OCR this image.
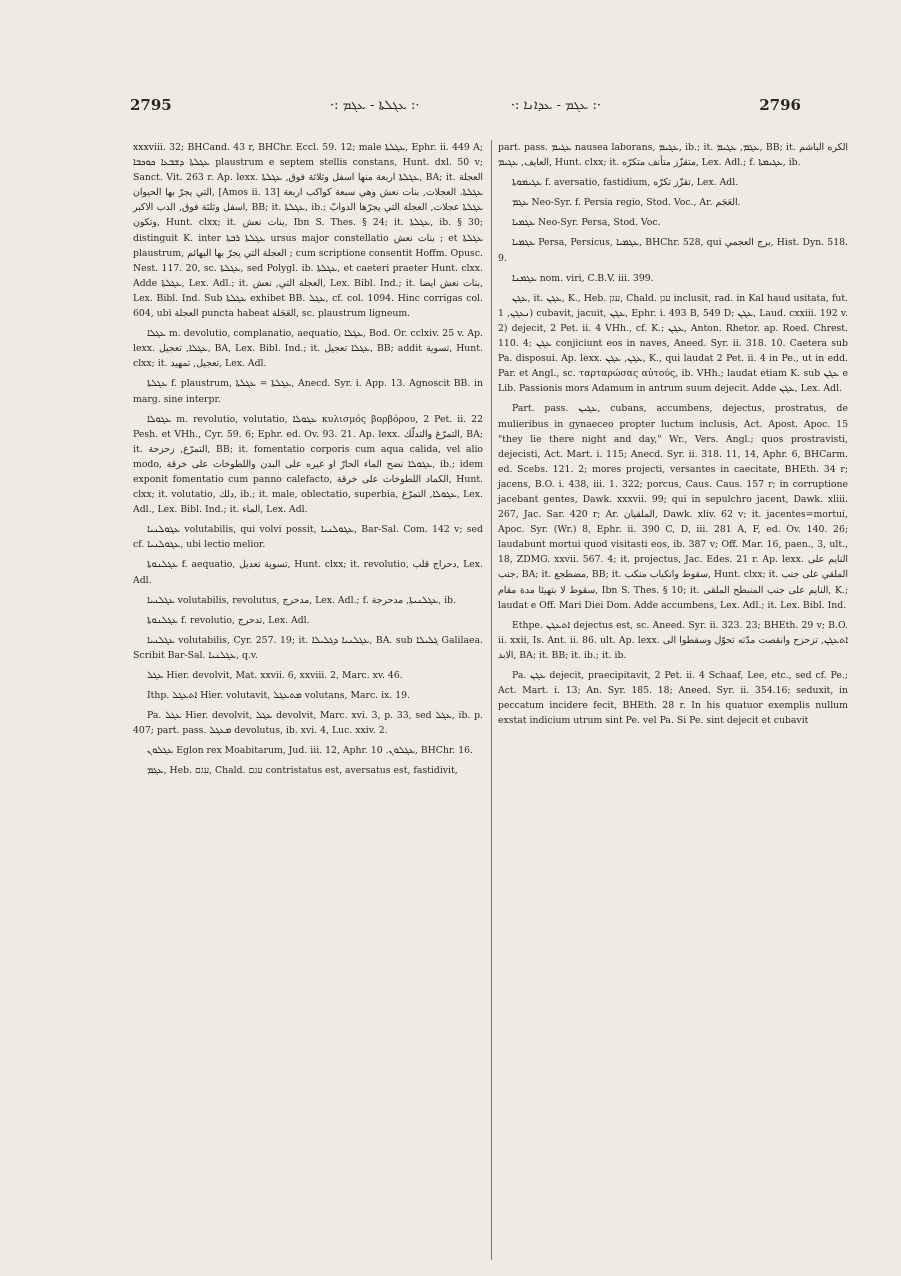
2795	·: ܥܓܠܬܐ - ܥܓܡ :·	·: ܥܓܡ - ܥܕܐܢܐ :·	2796

xxxviii. 32; BHCand. 43 r, BHChr. Eccl. 59. 12; male ܥܓܠܬܐ, Ephr. ii. 449 A; ܥܓܠܬܐ ܕܫܒܥܐ ܟܘܟܒܐ plaustrum e septem stellis constans, Hunt. dxl. 50 v; Sanct. Vit. 263 r. Ap. lexx. ܥܓܠܬܐ اربعة منها اسفل وثلاثة فوق, ܥܓܠܬܐ, BA; it. العجلة التي يجرّ بها الحيوان, [Amos ii. 13] ܥܓܠܬܐ. العجلات, بنات نعش وهي سبعة كواكب اربعة اسفل وثلثة فوق, الدب الاكبر, BB; it. ܥܓܠܬܐ, ib.; ܥܓܠܬܐ عجلات, العجلة التي يجرّها الدوابّ وتكون, Hunt. clxx; it. بنات نعش, Ibn S. Thes. § 24; it. ܥܓܠܬܐ, ib. § 30; distinguit K. inter ܥܓܠܬܐ ܪܒܬܐ ursus major constellatio بنات نعش ; et ܥܓܠܬܐ plaustrum, العجلة التي يجرّ بها البهائم ; cum scriptione consentit Hoffm. Opusc. Nest. 117. 20, sc. ܥܓܠܬܐ, sed Polygl. ib. ܥܓܠܬܐ, et caeteri praeter Hunt. clxx. Adde ܥܓܠܬܐ, Lex. Adl.; it. العجلة التي, نعش, Lex. Bibl. Ind.; it. بنات نعش ايضا, Lex. Bibl. Ind. Sub ܥܓܠܬܐ exhibet BB. ܥܓܠ, cf. col. 1094. Hinc corrigas col. 604, ubi العجلة puncta habeat العَجَلة, sc. plaustrum ligneum.

ܥܓܠܐ m. devolutio, complanatio, aequatio, ܥܓܠܐ, Bod. Or. cclxiv. 25 v. Ap. lexx. ܥܓܠܐ, تعجيل, BA, Lex. Bibl. Ind.; it. ܥܓܠܐ تعجيل, BB; addit تسوية, Hunt. clxx; it. تعجيل, تمهيد, Lex. Adl.

ܥܓܠܬܐ f. plaustrum, ܥܓܠܬܐ = ܥܓܠܬܐ, Anecd. Syr. i. App. 13. Agnoscit BB. in marg. sine interpr.

ܥܓܘܠܐ m. revolutio, volutatio, ܥܓܘܠܐ κυλισμός βορβόρου, 2 Pet. ii. 22 Pesh. et VHh., Cyr. 59. 6; Ephr. ed. Ov. 93. 21. Ap. lexx. التمرّغ والتدلّك, BA; it. التمرّغ, زحزحة, BB; it. fomentatio corporis cum aqua calida, vel alio modo, ܥܓܘܠܐ نضح الماء الحارّ او غيره على البدن واللطوخات على خرقة, ib.; idem exponit fomentatio cum panno calefacto, الكماد اللطوخات على خرقة, Hunt. clxx; it. volutatio, دلك, ib.; it. male, oblectatio, superbia, ܥܓܘܠܐ, التمرّغ, Lex. Adl., Lex. Bibl. Ind.; it. الماء, Lex. Adl.

ܥܓܘܠܢܝܐ volutabilis, qui volvi possit, ܥܓܘܠܢܝܐ, Bar-Sal. Com. 142 v; sed cf. ܥܓܘܠܢܝܐ, ubi lectio melior.

ܥܓܠܢܘܬܐ f. aequatio, تسوية تعديل, Hunt. clxx; it. revolutio, دحراج قلب, Lex. Adl.

ܥܓܠܢܝܐ volutabilis, revolutus, مدحرج, Lex. Adl.; f. ܥܓܠܢܝܬܐ, مدحرجة, ib.

ܥܓܠܢܘܬܐ f. revolutio, تدحرج, Lex. Adl.

ܥܓܠܢܝܐ volutabilis, Cyr. 257. 19; it. ܥܓܠܢܝܐ ܕܓܠܝܠܐ, BA. sub ܓܠܝܠܐ Galilaea. Scribit Bar-Sal. ܥܓܠܢܝܐ, q.v.

ܥܓܠ Hier. devolvit, Mat. xxvii. 6, xxviii. 2, Marc. xv. 46.

Ithp. ܐܬܥܓܠ Hier. volutavit, ܡܬܥܓܠ volutans, Marc. ix. 19.

Pa. ܥܓܠ Hier. devolvit, ܥܓܠ devolvit, Marc. xvi. 3, p. 33, sed ܥܓܠ, ib. p. 407; part. pass. ܡܥܓܠ devolutus, ib. xvi. 4, Luc. xxiv. 2.

ܥܓܠܘܢ Eglon rex Moabitarum, Jud. iii. 12, Aphr. ܥܓܠܘܢ. 10, BHChr. 16.

ܥܓܡ, Heb. עגם, Chald. עגם contristatus est, aversatus est, fastidivit,

part. pass. ܥܓܝܡ nausea laborans, ܥܓܝܡ, ib.; it. ܥܓܡ, ܥܓܝܡ, BB; it. الكره الباشم العايف, ܥܓܝܡ, Hunt. clxx; it. متقزّز متأنف متكرّه, Lex. Adl.; f. ܥܓܝܡܬܐ, ib.

ܥܓܝܡܘܬܐ f. aversatio, fastidium, تقزّز تكرّه, Lex. Adl.

ܥܓܡ Neo-Syr. f. Persia regio, Stod. Voc., Ar. العَجَم.

ܥܓܡܝܐ Neo-Syr. Persa, Stod. Voc.

ܥܓܡܝܐ Persa, Persicus, ܥܓܡܝܐ, BHChr. 528, qui برج العجمي, Hist. Dyn. 518. 9.

ܥܓܡܢܐ nom. viri, C.B.V. iii. 399.

ܥܓܢ, it. ܥܓܢ, K., Heb. עגן, Chald. עגן inclusit, rad. in Kal haud usitata, fut. ܢܥܓܢ, 1) cubavit, jacuit, ܥܓܢ, Ephr. i. 493 B, 549 D; ܥܓܢ, Laud. cxxiii. 192 v. 2) dejecit, 2 Pet. ii. 4 VHh., cf. K.; ܥܓܢ, Anton. Rhetor. ap. Roed. Chrest. 110. 4; ܥܓܢ conjiciunt eos in naves, Aneed. Syr. ii. 318. 10. Caetera sub Pa. disposui. Ap. lexx. ܥܓܢ, ܥܓܢ, K., qui laudat 2 Pet. ii. 4 in Pe., ut in edd. Par. et Angl., sc. ταρταρώσας αὐτούς, ib. VHh.; laudat etiam K. sub ܥܓܢ e Lib. Passionis mors Adamum in antrum suum dejecit. Adde ܥܓܢ, Lex. Adl.

Part. pass. ܥܓܝܢ, cubans, accumbens, dejectus, prostratus, de mulieribus in gynaeceo propter luctum inclusis, Act. Apost. Apoc. 15 "they lie there night and day," Wr., Vers. Angl.; quos prostravisti, dejecisti, Act. Mart. i. 115; Anecd. Syr. ii. 318. 11, 14, Aphr. 6, BHCarm. ed. Scebs. 121. 2; mores projecti, versantes in caecitate, BHEth. 34 r; jacens, B.O. i. 438, iii. 1. 322; porcus, Caus. Caus. 157 r; in corruptione jacebant gentes, Dawk. xxxvii. 99; qui in sepulchro jacent, Dawk. xliii. 267, Jac. Sar. 420 r; Ar. الملقيان, Dawk. xliv. 62 v; it. jacentes=mortui, Apoc. Syr. (Wr.) 8, Ephr. ii. 390 C, D, iii. 281 A, F, ed. Ov. 140. 26; laudabunt mortui quod visitasti eos, ib. 387 v; Off. Mar. 16, paen., 3, ult., 18, ZDMG. xxvii. 567. 4; it. projectus, Jac. Edes. 21 r. Ap. lexx. النايم على جنب, BA; it. مضطجع, BB; it. سقوط وانكباب منكب, Hunt. clxx; it. الملقي على جنب سقوط لا بتهيئا مدة مقام, Ibn S. Thes. § 10; it. النايم على جنب المنبطح الملقى, K.; laudat e Off. Mari Diei Dom. Adde accumbens, Lex. Adl.; it. Lex. Bibl. Ind.

Ethpe. ܐܬܥܓܢ dejectus est, sc. Aneed. Syr. ii. 323. 23; BHEth. 29 v; B.O. ii. xxii, Is. Ant. ii. 86. ult. Ap. lexx. ܐܬܥܓܢ, تزحزح وانقصت مدّته تحوّل وسقطوا الى الابد, BA; it. BB; it. ib.; it. ib.

Pa. ܥܓܢ dejecit, praecipitavit, 2 Pet. ii. 4 Schaaf, Lee, etc., sed cf. Pe.; Act. Mart. i. 13; An. Syr. 185. 18; Aneed. Syr. ii. 354.16; seduxit, in peccatum incidere fecit, BHEth. 28 r. In his quatuor exemplis nullum exstat indicium utrum sint Pe. vel Pa. Si Pe. sint dejecit et cubavit
